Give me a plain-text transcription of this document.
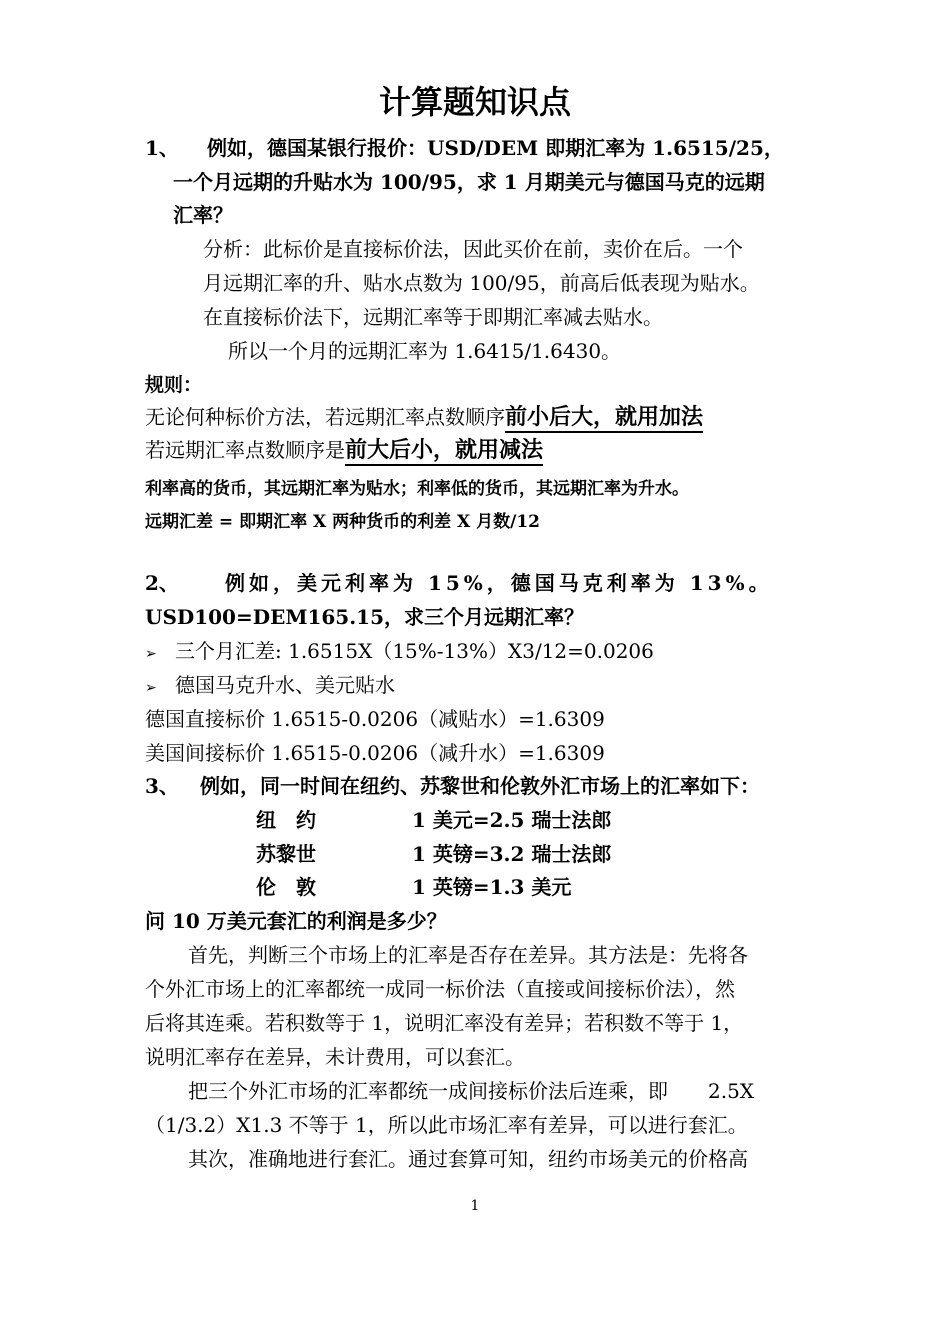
计算题知识点
1、 例如，德国某银行报价：USD/DEM 即期汇率为 1.6515/25，
一个月远期的升贴水为 100/95，求 1 月期美元与德国马克的远期
汇率？
分析：此标价是直接标价法，因此买价在前，卖价在后。一个
月远期汇率的升、贴水点数为 100/95，前高后低表现为贴水。
在直接标价法下，远期汇率等于即期汇率减去贴水。
所以一个月的远期汇率为 1.6415/1.6430。
规则：
无论何种标价方法，若远期汇率点数顺序前小后大，就用加法
若远期汇率点数顺序是前大后小，就用减法
利率高的货币，其远期汇率为贴水；利率低的货币，其远期汇率为升水。
远期汇差 = 即期汇率 X 两种货币的利差 X 月数/12
2、 例如，美元利率为 15%，德国马克利率为 13%。
USD100=DEM165.15，求三个月远期汇率？
➢ 三个月汇差: 1.6515X（15%-13%）X3/12=0.0206
➢ 德国马克升水、美元贴水
德国直接标价 1.6515-0.0206（减贴水）=1.6309
美国间接标价 1.6515-0.0206（减升水）=1.6309
3、 例如，同一时间在纽约、苏黎世和伦敦外汇市场上的汇率如下：
纽　约	1 美元=2.5 瑞士法郎
苏黎世	1 英镑=3.2 瑞士法郎
伦　敦	1 英镑=1.3 美元
问 10 万美元套汇的利润是多少？
首先，判断三个市场上的汇率是否存在差异。其方法是：先将各
个外汇市场上的汇率都统一成同一标价法（直接或间接标价法），然
后将其连乘。若积数等于 1，说明汇率没有差异；若积数不等于 1，
说明汇率存在差异，未计费用，可以套汇。
把三个外汇市场的汇率都统一成间接标价法后连乘，即　　2.5X
（1/3.2）X1.3 不等于 1，所以此市场汇率有差异，可以进行套汇。
其次，准确地进行套汇。通过套算可知，纽约市场美元的价格高
1
